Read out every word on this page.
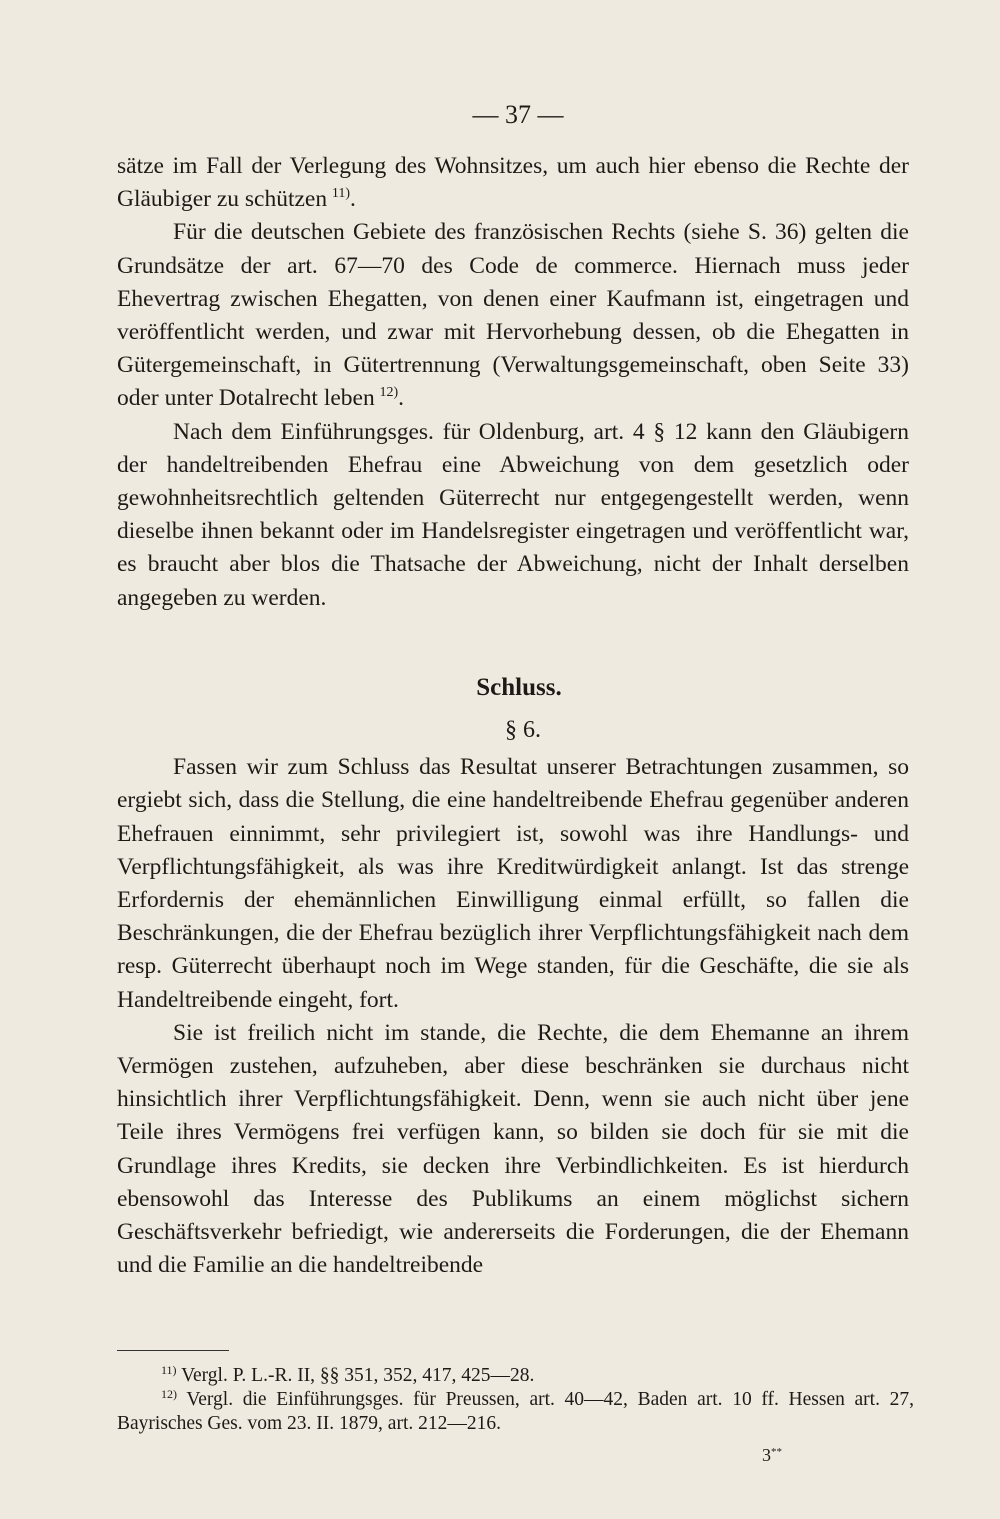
— 37 —

sätze im Fall der Verlegung des Wohnsitzes, um auch hier ebenso die Rechte der Gläubiger zu schützen  $^{11)}$.

Für die deutschen Gebiete des französischen Rechts (siehe S. 36) gelten die Grundsätze der art. 67—70 des Code de commerce. Hiernach muss jeder Ehevertrag zwischen Ehegatten, von denen einer Kaufmann ist, eingetragen und veröffentlicht werden, und zwar mit Hervorhebung dessen, ob die Ehegatten in Gütergemeinschaft, in Gütertrennung (Verwaltungsgemeinschaft, oben Seite 33) oder unter Dotalrecht leben  $^{12)}$.

Nach dem Einführungsges. für Oldenburg, art. 4 § 12 kann den Gläubigern der handeltreibenden Ehefrau eine Abweichung von dem gesetzlich oder gewohnheitsrechtlich geltenden Güterrecht nur entgegengestellt werden, wenn dieselbe ihnen bekannt oder im Handelsregister eingetragen und veröffentlicht war, es braucht aber blos die Thatsache der Abweichung, nicht der Inhalt derselben angegeben zu werden.

Schluss.
§ 6.

Fassen wir zum Schluss das Resultat unserer Betrachtungen zusammen, so ergiebt sich, dass die Stellung, die eine handeltreibende Ehefrau gegenüber anderen Ehefrauen einnimmt, sehr privilegiert ist, sowohl was ihre Handlungs- und Verpflichtungsfähigkeit, als was ihre Kreditwürdigkeit anlangt. Ist das strenge Erfordernis der ehemännlichen Einwilligung einmal erfüllt, so fallen die Beschränkungen, die der Ehefrau bezüglich ihrer Verpflichtungsfähigkeit nach dem resp. Güterrecht überhaupt noch im Wege standen, für die Geschäfte, die sie als Handeltreibende eingeht, fort.

Sie ist freilich nicht im stande, die Rechte, die dem Ehemanne an ihrem Vermögen zustehen, aufzuheben, aber diese beschränken sie durchaus nicht hinsichtlich ihrer Verpflichtungsfähigkeit. Denn, wenn sie auch nicht über jene Teile ihres Vermögens frei verfügen kann, so bilden sie doch für sie mit die Grundlage ihres Kredits, sie decken ihre Verbindlichkeiten. Es ist hierdurch ebensowohl das Interesse des Publikums an einem möglichst sichern Geschäftsverkehr befriedigt, wie andererseits die Forderungen, die der Ehemann und die Familie an die handeltreibende

$^{11)}$ Vergl. P. L.-R. II, §§ 351, 352, 417, 425—28.

$^{12)}$ Vergl. die Einführungsges. für Preussen, art. 40—42, Baden art. 10 ff. Hessen art. 27, Bayrisches Ges. vom 23. II. 1879, art. 212—216.

3**
